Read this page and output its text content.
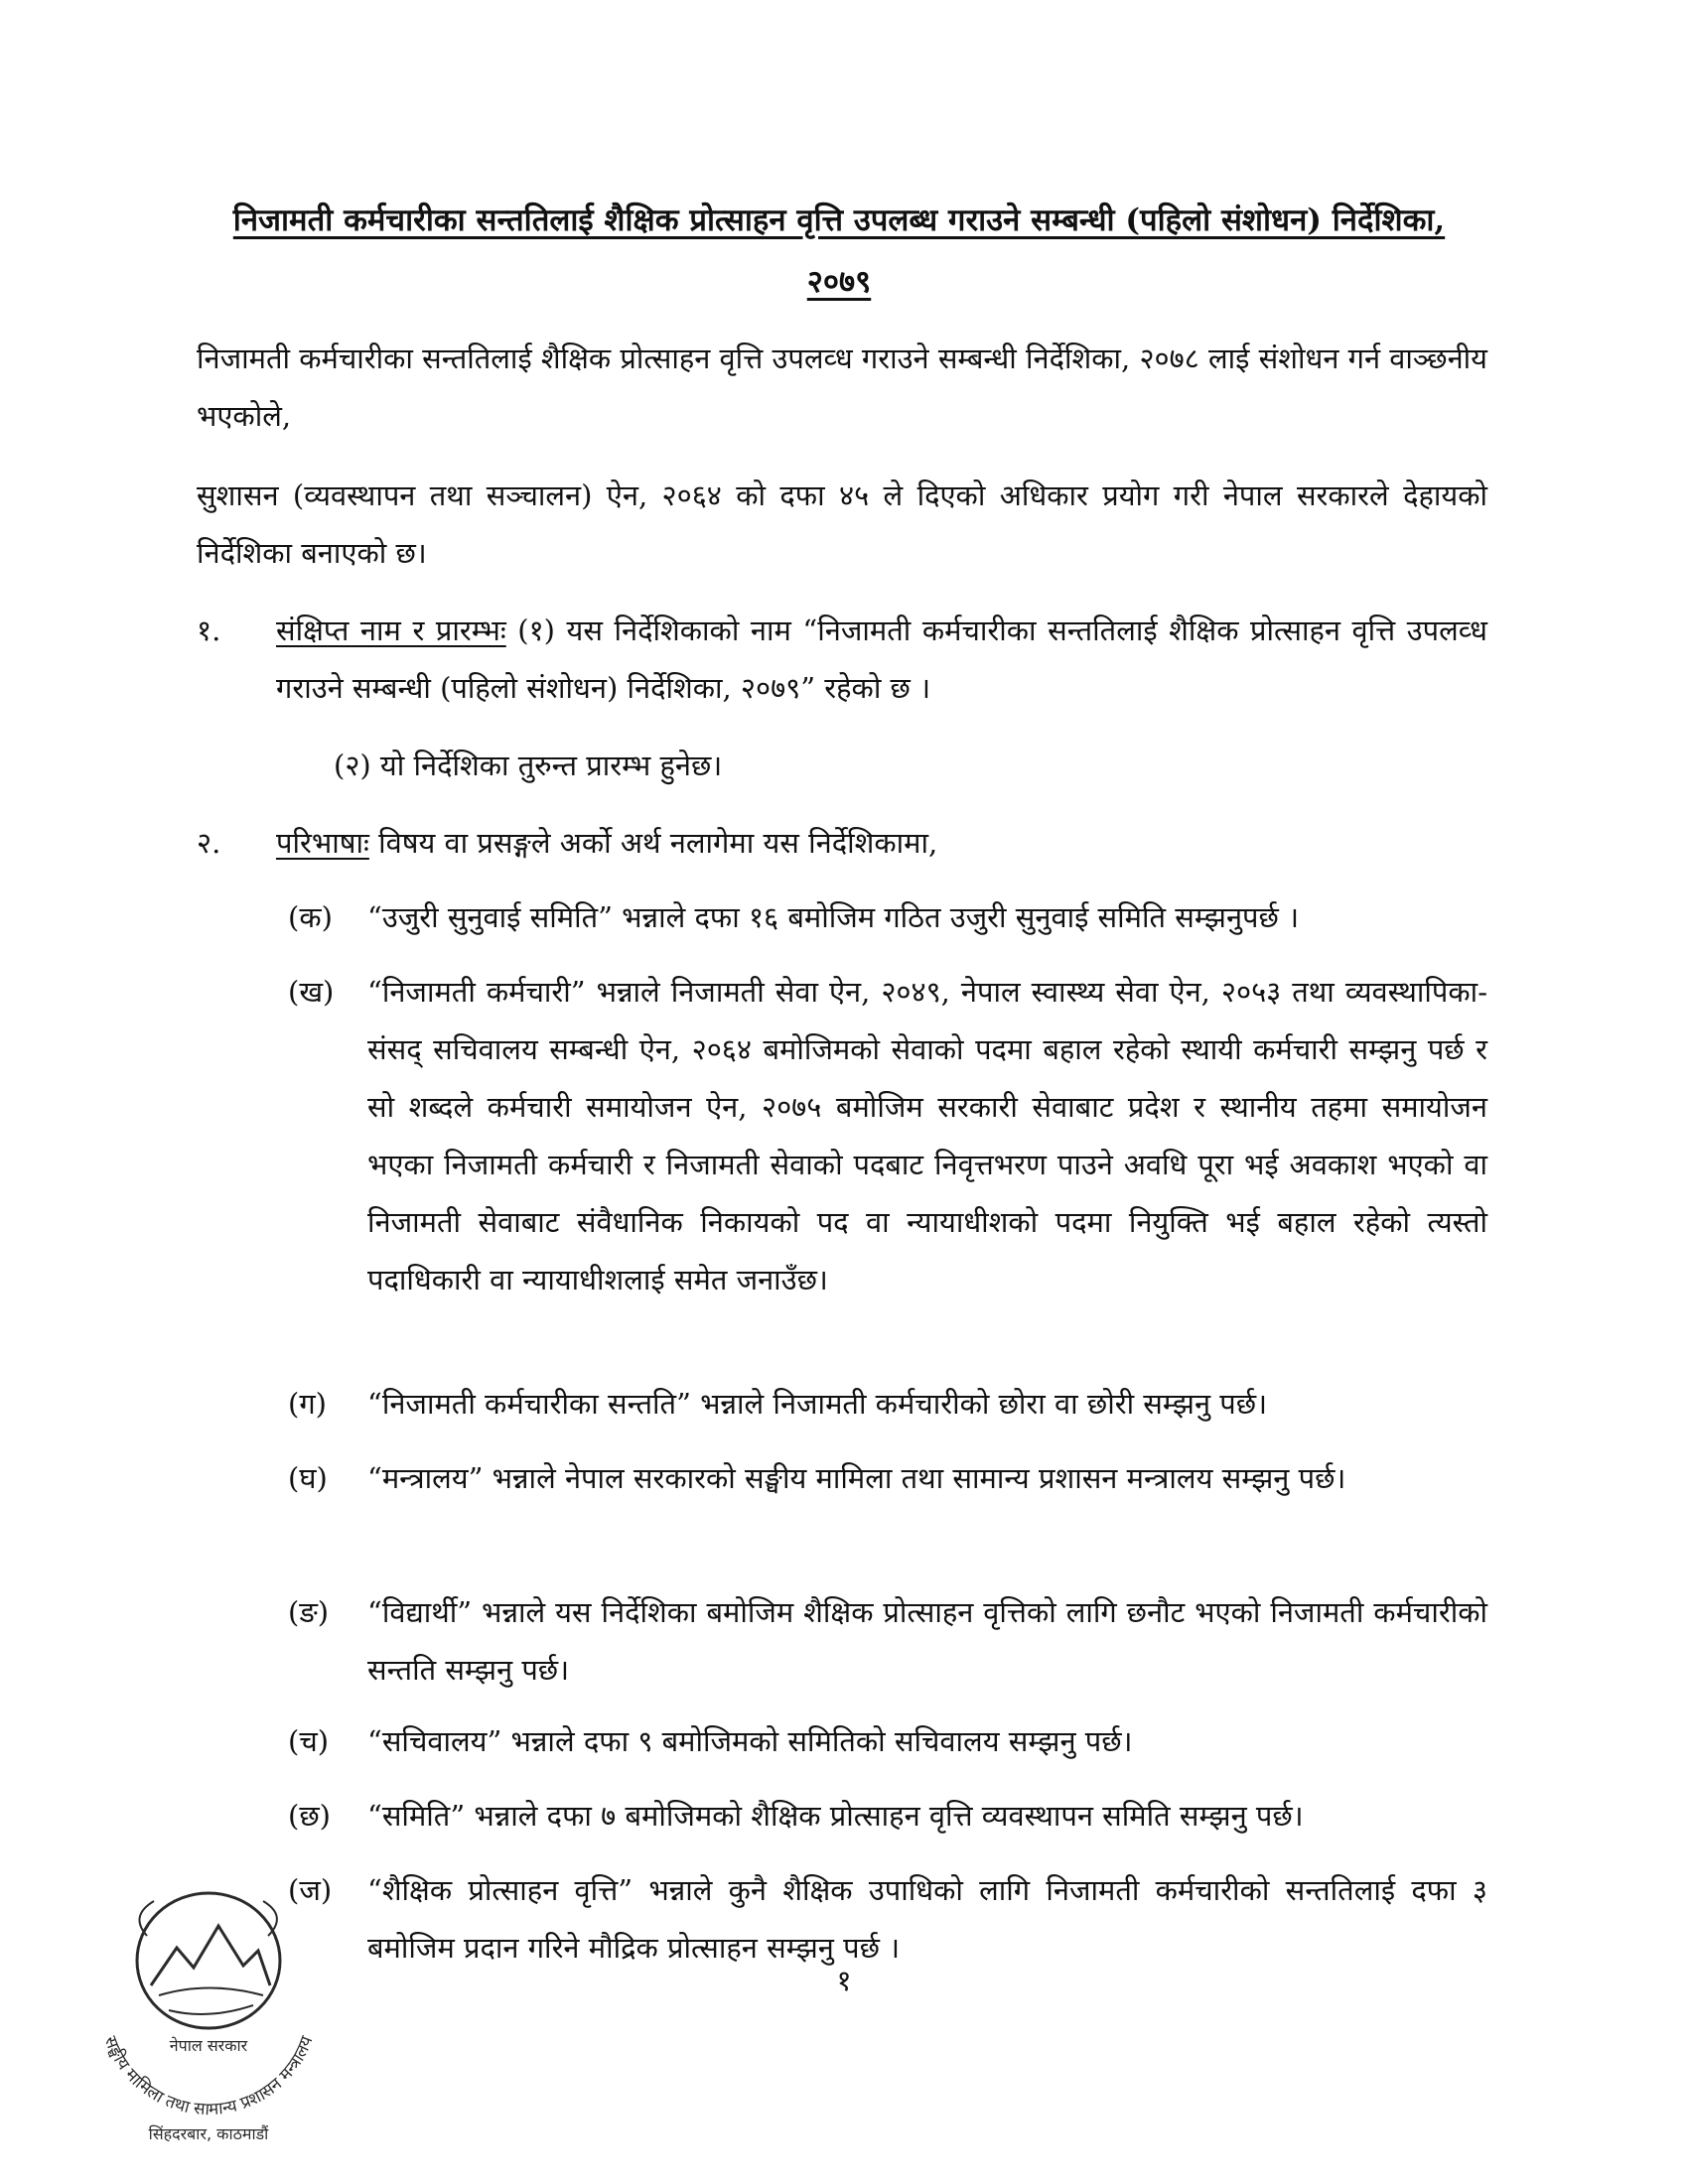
निजामती कर्मचारीका सन्ततिलाई शैक्षिक प्रोत्साहन वृत्ति उपलब्ध गराउने सम्बन्धी (पहिलो संशोधन) निर्देशिका,
२०७९
निजामती कर्मचारीका सन्ततिलाई शैक्षिक प्रोत्साहन वृत्ति उपलव्ध गराउने सम्बन्धी निर्देशिका, २०७८ लाई संशोधन गर्न वाञ्छनीय भएकोले,
सुशासन (व्यवस्थापन तथा सञ्चालन) ऐन, २०६४ को दफा ४५ ले दिएको अधिकार प्रयोग गरी नेपाल सरकारले देहायको निर्देशिका बनाएको छ।
१. संक्षिप्त नाम र प्रारम्भः (१) यस निर्देशिकाको नाम “निजामती कर्मचारीका सन्ततिलाई शैक्षिक प्रोत्साहन वृत्ति उपलव्ध गराउने सम्बन्धी (पहिलो संशोधन) निर्देशिका, २०७९” रहेको छ ।
(२) यो निर्देशिका तुरुन्त प्रारम्भ हुनेछ।
२. परिभाषाः विषय वा प्रसङ्गले अर्को अर्थ नलागेमा यस निर्देशिकामा,
(क) “उजुरी सुनुवाई समिति” भन्नाले दफा १६ बमोजिम गठित उजुरी सुनुवाई समिति सम्झनुपर्छ ।
(ख) “निजामती कर्मचारी” भन्नाले निजामती सेवा ऐन, २०४९, नेपाल स्वास्थ्य सेवा ऐन, २०५३ तथा व्यवस्थापिका-संसद् सचिवालय सम्बन्धी ऐन, २०६४ बमोजिमको सेवाको पदमा बहाल रहेको स्थायी कर्मचारी सम्झनु पर्छ र सो शब्दले कर्मचारी समायोजन ऐन, २०७५ बमोजिम सरकारी सेवाबाट प्रदेश र स्थानीय तहमा समायोजन भएका निजामती कर्मचारी र निजामती सेवाको पदबाट निवृत्तभरण पाउने अवधि पूरा भई अवकाश भएको वा निजामती सेवाबाट संवैधानिक निकायको पद वा न्यायाधीशको पदमा नियुक्ति भई बहाल रहेको त्यस्तो पदाधिकारी वा न्यायाधीशलाई समेत जनाउँछ।
(ग) “निजामती कर्मचारीका सन्तति” भन्नाले निजामती कर्मचारीको छोरा वा छोरी सम्झनु पर्छ।
(घ) “मन्त्रालय” भन्नाले नेपाल सरकारको सङ्घीय मामिला तथा सामान्य प्रशासन मन्त्रालय सम्झनु पर्छ।
(ङ) “विद्यार्थी” भन्नाले यस निर्देशिका बमोजिम शैक्षिक प्रोत्साहन वृत्तिको लागि छनौट भएको निजामती कर्मचारीको सन्तति सम्झनु पर्छ।
(च) “सचिवालय” भन्नाले दफा ९ बमोजिमको समितिको सचिवालय सम्झनु पर्छ।
(छ) “समिति” भन्नाले दफा ७ बमोजिमको शैक्षिक प्रोत्साहन वृत्ति व्यवस्थापन समिति सम्झनु पर्छ।
(ज) “शैक्षिक प्रोत्साहन वृत्ति” भन्नाले कुनै शैक्षिक उपाधिको लागि निजामती कर्मचारीको सन्ततिलाई दफा ३ बमोजिम प्रदान गरिने मौद्रिक प्रोत्साहन सम्झनु पर्छ ।
१
नेपाल सरकार
सङ्घीय मामिला तथा सामान्य प्रशासन मन्त्रालय
सिंहदरबार, काठमाडौं
